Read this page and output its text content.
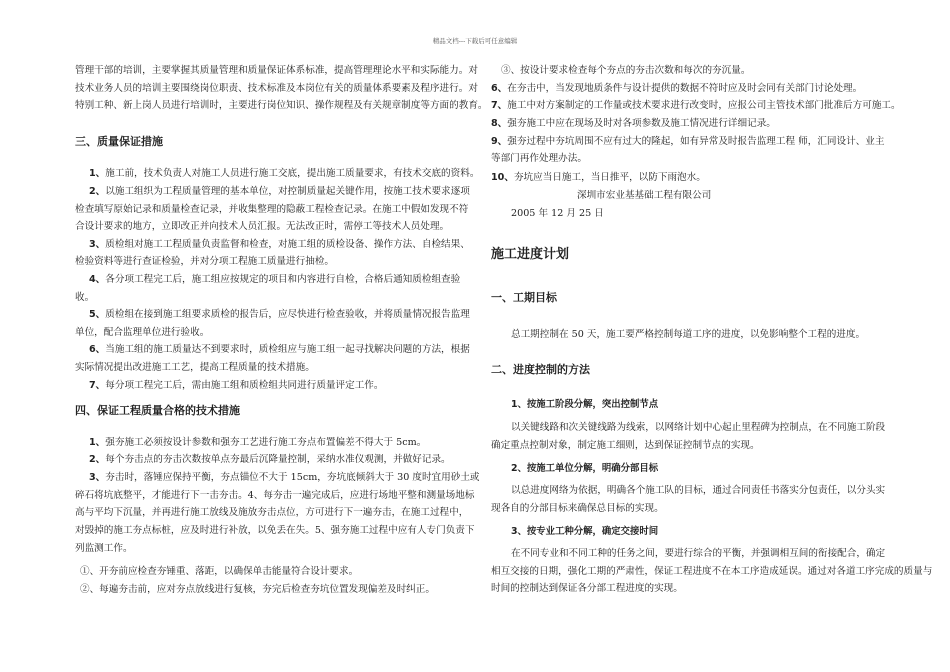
精品文档---下载后可任意编辑
管理干部的培训，主要掌握其质量管理和质量保证体系标准，提高管理理论水平和实际能力。对
技术业务人员的培训主要围绕岗位职责、技术标准及本岗位有关的质量体系要素及程序进行。对
特别工种、新上岗人员进行培训时，主要进行岗位知识、操作规程及有关规章制度等方面的教育。
三、质量保证措施
1、施工前，技术负责人对施工人员进行施工交底，提出施工质量要求，有技术交底的资料。
2、以施工组织为工程质量管理的基本单位，对控制质量起关键作用，按施工技术要求逐项
检查填写原始记录和质量检查记录，并收集整理的隐蔽工程检查记录。在施工中假如发现不符
合设计要求的地方，立即改正并向技术人员汇报。无法改正时，需停工等技术人员处理。
3、质检组对施工工程质量负责监督和检查，对施工组的质检设备、操作方法、自检结果、
检验资料等进行查证检验，并对分项工程施工质量进行抽检。
4、各分项工程完工后，施工组应按规定的项目和内容进行自检，合格后通知质检组查验
收。
5、质检组在接到施工组要求质检的报告后，应尽快进行检查验收，并将质量情况报告监理
单位，配合监理单位进行验收。
6、当施工组的施工质量达不到要求时，质检组应与施工组一起寻找解决问题的方法，根据
实际情况提出改进施工工艺，提高工程质量的技术措施。
7、每分项工程完工后，需由施工组和质检组共同进行质量评定工作。
四、保证工程质量合格的技术措施
1、强夯施工必须按设计参数和强夯工艺进行施工夯点布置偏差不得大于 5cm。
2、每个夯击点的夯击次数按单点夯最后沉降量控制，采纳水准仪观测，并做好记录。
3、夯击时，落锤应保持平衡，夯点锚位不大于 15cm，夯坑底倾斜大于 30 度时宜用砂土或
碎石将坑底整平，才能进行下一击夯击。4、每夯击一遍完成后，应进行场地平整和测量场地标
高与平均下沉量，并再进行施工放线及施放夯击点位，方可进行下一遍夯击，在施工过程中，
对毁掉的施工夯点标桩，应及时进行补放，以免丢在失。5、强夯施工过程中应有人专门负责下
列监测工作。
①、开夯前应检查夯锤重、落距，以确保单击能量符合设计要求。
②、每遍夯击前，应对夯点放线进行复核，夯完后检查夯坑位置发现偏差及时纠正。
③、按设计要求检查每个夯点的夯击次数和每次的夯沉量。
6、在夯击中，当发现地质条件与设计提供的数据不符时应及时会同有关部门讨论处理。
7、施工中对方案制定的工作量或技术要求进行改变时，应报公司主管技术部门批准后方可施工。
8、强夯施工中应在现场及时对各项参数及施工情况进行详细记录。
9、强夯过程中夯坑周围不应有过大的隆起，如有异常及时报告监理工程 师，汇同设计、业主
等部门再作处理办法。
10、夯坑应当日施工，当日推平，以防下雨泡水。
深圳市宏业基基础工程有限公司
2005 年 12 月 25 日
施工进度计划
一、工期目标
总工期控制在 50 天，施工要严格控制每道工序的进度，以免影响整个工程的进度。
二、进度控制的方法
1、按施工阶段分解，突出控制节点
以关键线路和次关键线路为线索，以网络计划中心起止里程碑为控制点，在不同施工阶段
确定重点控制对象，制定施工细则，达到保证控制节点的实现。
2、按施工单位分解，明确分部目标
以总进度网络为依据，明确各个施工队的目标，通过合同责任书落实分包责任，以分头实
现各自的分部目标来确保总目标的实现。
3、按专业工种分解，确定交接时间
在不同专业和不同工种的任务之间，要进行综合的平衡，并强调相互间的衔接配合，确定
相互交接的日期，强化工期的严肃性，保证工程进度不在本工序造成延误。通过对各道工序完成的质量与
时间的控制达到保证各分部工程进度的实现。
